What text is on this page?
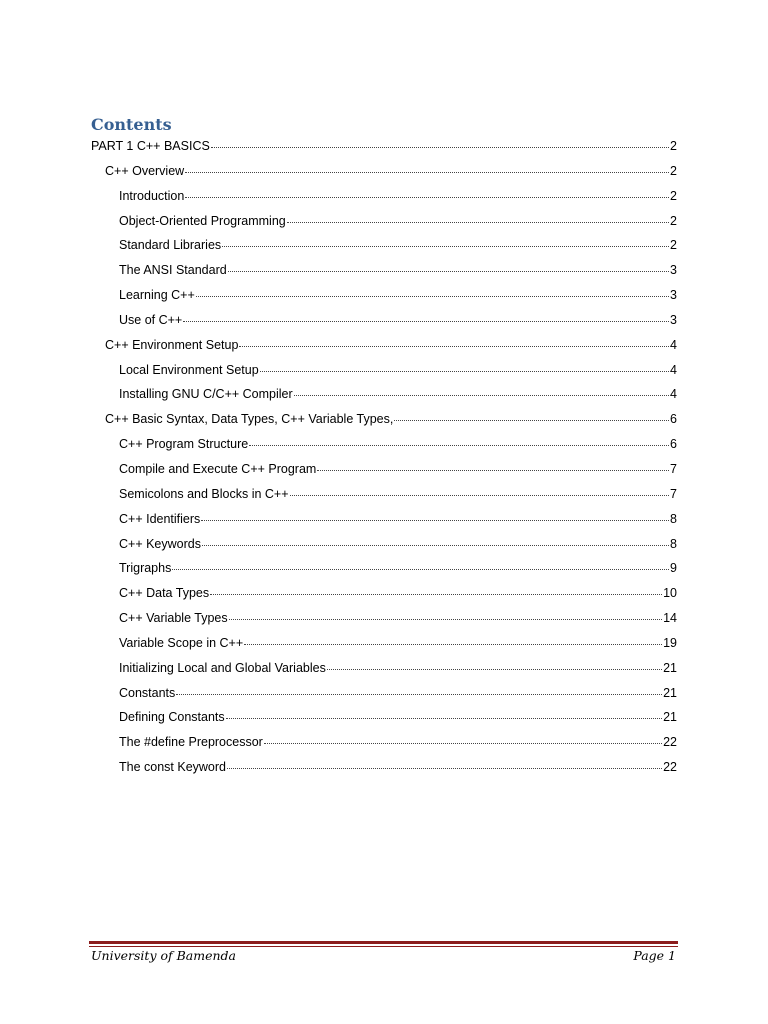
Contents
PART 1 C++ BASICS	2
C++ Overview	2
Introduction	2
Object-Oriented Programming	2
Standard Libraries	2
The ANSI Standard	3
Learning C++	3
Use of C++	3
C++ Environment Setup	4
Local Environment Setup	4
Installing GNU C/C++ Compiler	4
C++ Basic Syntax, Data Types, C++ Variable Types,	6
C++ Program Structure	6
Compile and Execute C++ Program	7
Semicolons and Blocks in C++	7
C++ Identifiers	8
C++ Keywords	8
Trigraphs	9
C++ Data Types	10
C++ Variable Types	14
Variable Scope in C++	19
Initializing Local and Global Variables	21
Constants	21
Defining Constants	21
The #define Preprocessor	22
The const Keyword	22
University of Bamenda	Page 1
